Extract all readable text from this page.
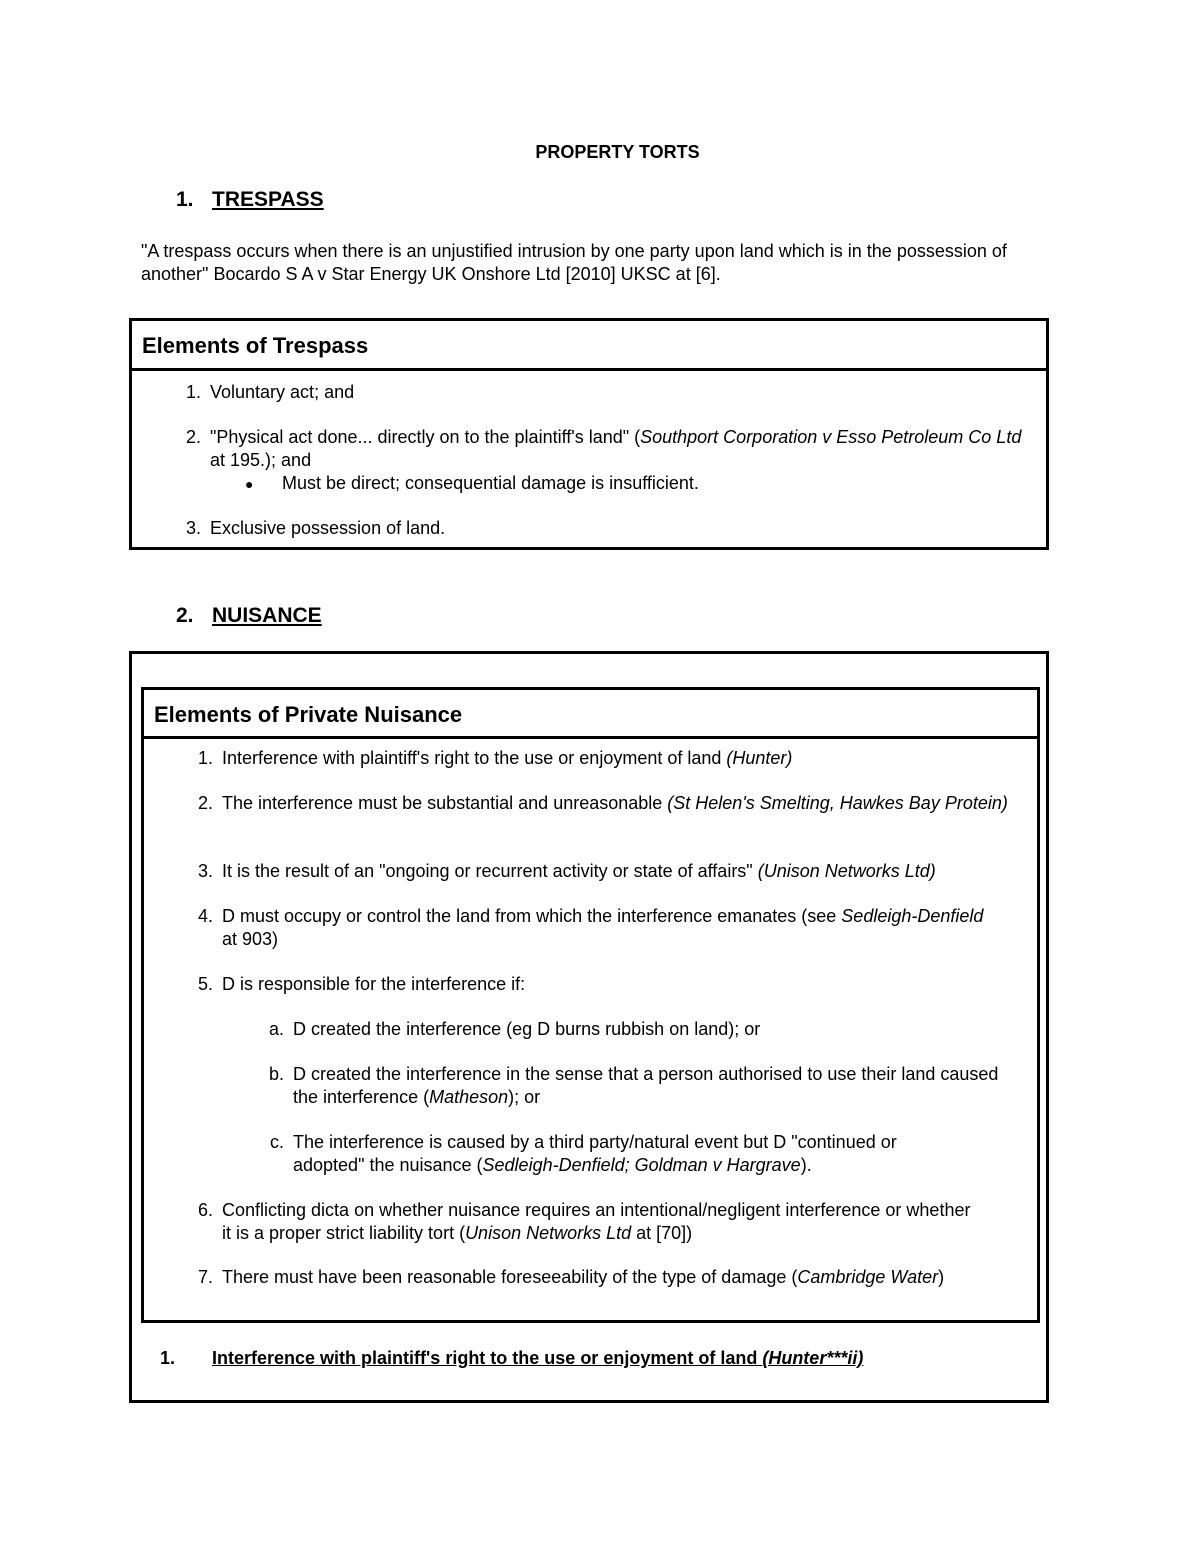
PROPERTY TORTS
1. TRESPASS
"A trespass occurs when there is an unjustified intrusion by one party upon land which is in the possession of another" Bocardo S A v Star Energy UK Onshore Ltd [2010] UKSC at [6].
Elements of Trespass
1. Voluntary act; and
2. "Physical act done... directly on to the plaintiff's land" (Southport Corporation v Esso Petroleum Co Ltd at 195.); and
● Must be direct; consequential damage is insufficient.
3. Exclusive possession of land.
2. NUISANCE
Elements of Private Nuisance
1. Interference with plaintiff's right to the use or enjoyment of land (Hunter)
2. The interference must be substantial and unreasonable (St Helen's Smelting, Hawkes Bay Protein)
3. It is the result of an "ongoing or recurrent activity or state of affairs" (Unison Networks Ltd)
4. D must occupy or control the land from which the interference emanates (see Sedleigh-Denfield at 903)
5. D is responsible for the interference if:
a. D created the interference (eg D burns rubbish on land); or
b. D created the interference in the sense that a person authorised to use their land caused the interference (Matheson); or
c. The interference is caused by a third party/natural event but D "continued or adopted" the nuisance (Sedleigh-Denfield; Goldman v Hargrave).
6. Conflicting dicta on whether nuisance requires an intentional/negligent interference or whether it is a proper strict liability tort (Unison Networks Ltd at [70])
7. There must have been reasonable foreseeability of the type of damage (Cambridge Water)
1. Interference with plaintiff's right to the use or enjoyment of land (Hunter***ii)
